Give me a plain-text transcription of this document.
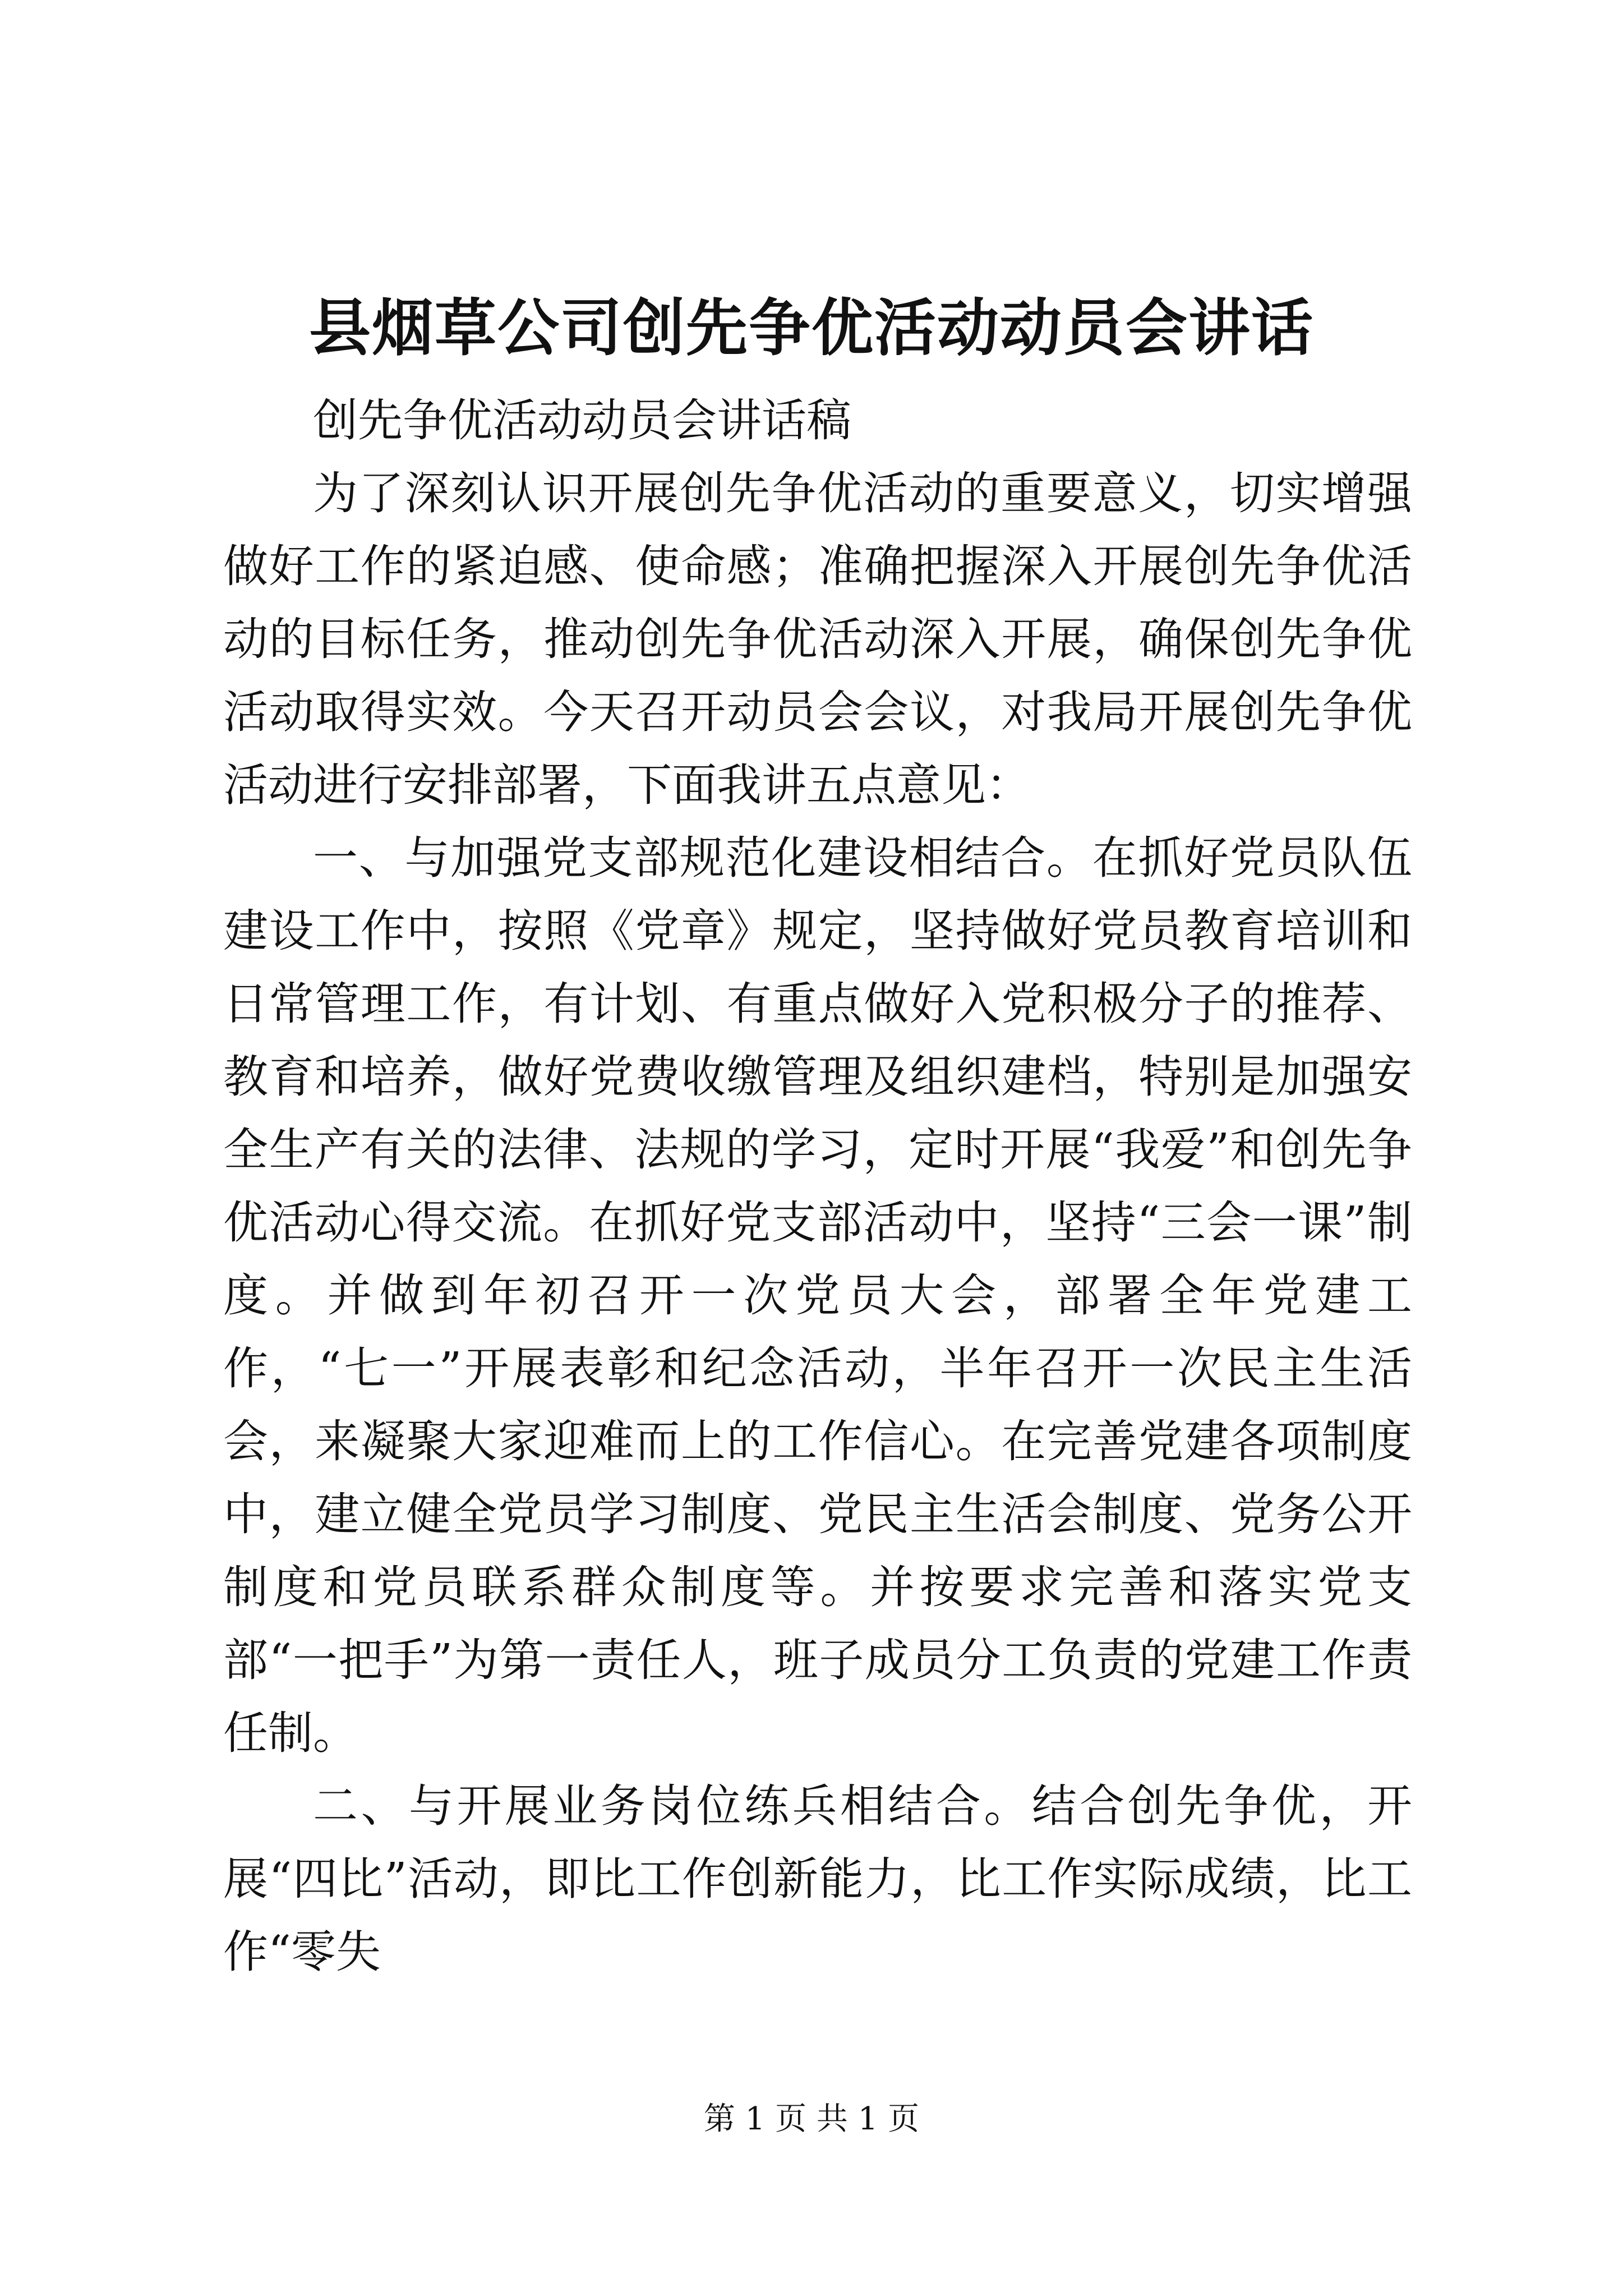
县烟草公司创先争优活动动员会讲话

创先争优活动动员会讲话稿

为了深刻认识开展创先争优活动的重要意义，切实增强做好工作的紧迫感、使命感；准确把握深入开展创先争优活动的目标任务，推动创先争优活动深入开展，确保创先争优活动取得实效。今天召开动员会会议，对我局开展创先争优活动进行安排部署，下面我讲五点意见：

一、与加强党支部规范化建设相结合。在抓好党员队伍建设工作中，按照《党章》规定，坚持做好党员教育培训和日常管理工作，有计划、有重点做好入党积极分子的推荐、教育和培养，做好党费收缴管理及组织建档，特别是加强安全生产有关的法律、法规的学习，定时开展“我爱”和创先争优活动心得交流。在抓好党支部活动中，坚持“三会一课”制度。并做到年初召开一次党员大会，部署全年党建工作，“七一”开展表彰和纪念活动，半年召开一次民主生活会，来凝聚大家迎难而上的工作信心。在完善党建各项制度中，建立健全党员学习制度、党民主生活会制度、党务公开制度和党员联系群众制度等。并按要求完善和落实党支部“一把手”为第一责任人，班子成员分工负责的党建工作责任制。

二、与开展业务岗位练兵相结合。结合创先争优，开展“四比”活动，即比工作创新能力，比工作实际成绩，比工作“零失

第 1 页 共 1 页
